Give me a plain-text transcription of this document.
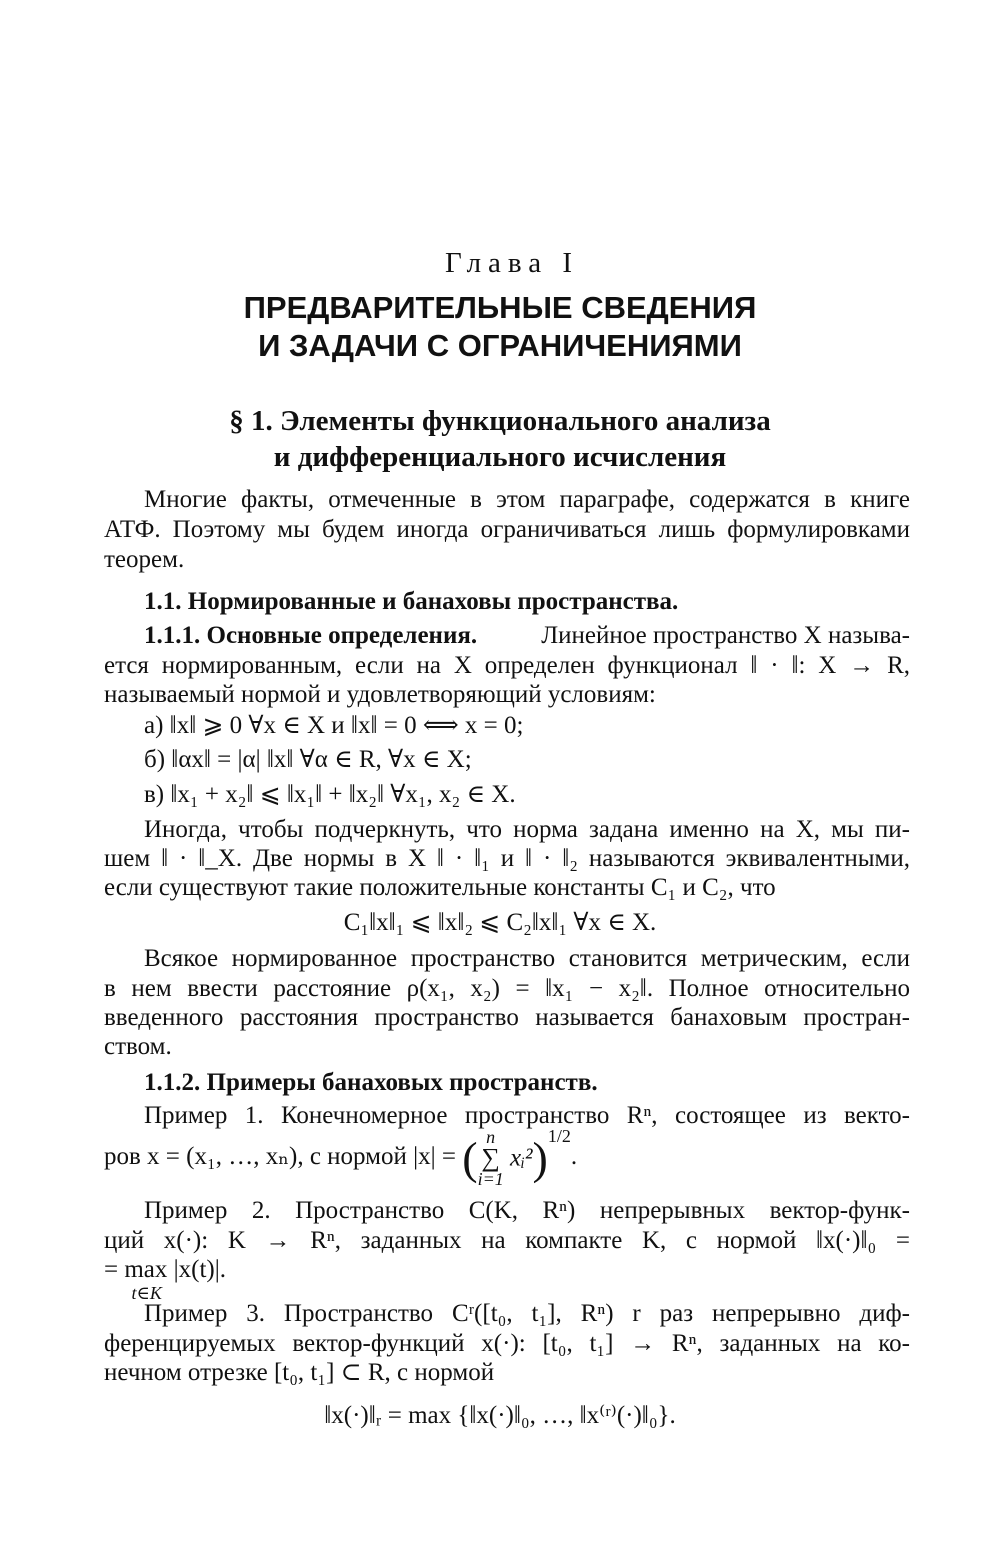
Глава I
ПРЕДВАРИТЕЛЬНЫЕ СВЕДЕНИЯ
И ЗАДАЧИ С ОГРАНИЧЕНИЯМИ
§ 1. Элементы функционального анализа
и дифференциального исчисления
Многие факты, отмеченные в этом параграфе, содержатся в книге
АТФ. Поэтому мы будем иногда ограничиваться лишь формулировками
теорем.
1.1. Нормированные и банаховы пространства.
1.1.1. Основные определения.	Линейное пространство X называ-
ется нормированным, если на X определен функционал ‖ · ‖: X → R,
называемый нормой и удовлетворяющий условиям:
а) ‖x‖ ⩾ 0 ∀x ∈ X и ‖x‖ = 0 ⟺ x = 0;
б) ‖αx‖ = |α| ‖x‖ ∀α ∈ R, ∀x ∈ X;
в) ‖x₁ + x₂‖ ⩽ ‖x₁‖ + ‖x₂‖ ∀x₁, x₂ ∈ X.
Иногда, чтобы подчеркнуть, что норма задана именно на X, мы пи-
шем ‖ · ‖_X. Две нормы в X ‖ · ‖₁ и ‖ · ‖₂ называются эквивалентными,
если существуют такие положительные константы C₁ и C₂, что
C₁‖x‖₁ ⩽ ‖x‖₂ ⩽ C₂‖x‖₁ ∀x ∈ X.
Всякое нормированное пространство становится метрическим, если
в нем ввести расстояние ρ(x₁, x₂) = ‖x₁ − x₂‖. Полное относительно
введенного расстояния пространство называется банаховым простран-
ством.
1.1.2. Примеры банаховых пространств.
Пример 1. Конечномерное пространство Rⁿ, состоящее из векто-
ров x = (x₁, …, xₙ), с нормой |x| = ( n
∑
i=1
xᵢ²)$^{1/2}$.
Пример 2. Пространство C(K, Rⁿ) непрерывных вектор-функ-
ций x(·): K → Rⁿ, заданных на компакте K, с нормой ‖x(·)‖₀ =
= max
t∈K
|x(t)|.
Пример 3. Пространство Cʳ([t₀, t₁], Rⁿ) r раз непрерывно диф-
ференцируемых вектор-функций x(·): [t₀, t₁] → Rⁿ, заданных на ко-
нечном отрезке [t₀, t₁] ⊂ R, с нормой
‖x(·)‖ᵣ = max {‖x(·)‖₀, …, ‖x⁽ʳ⁾(·)‖₀}.
